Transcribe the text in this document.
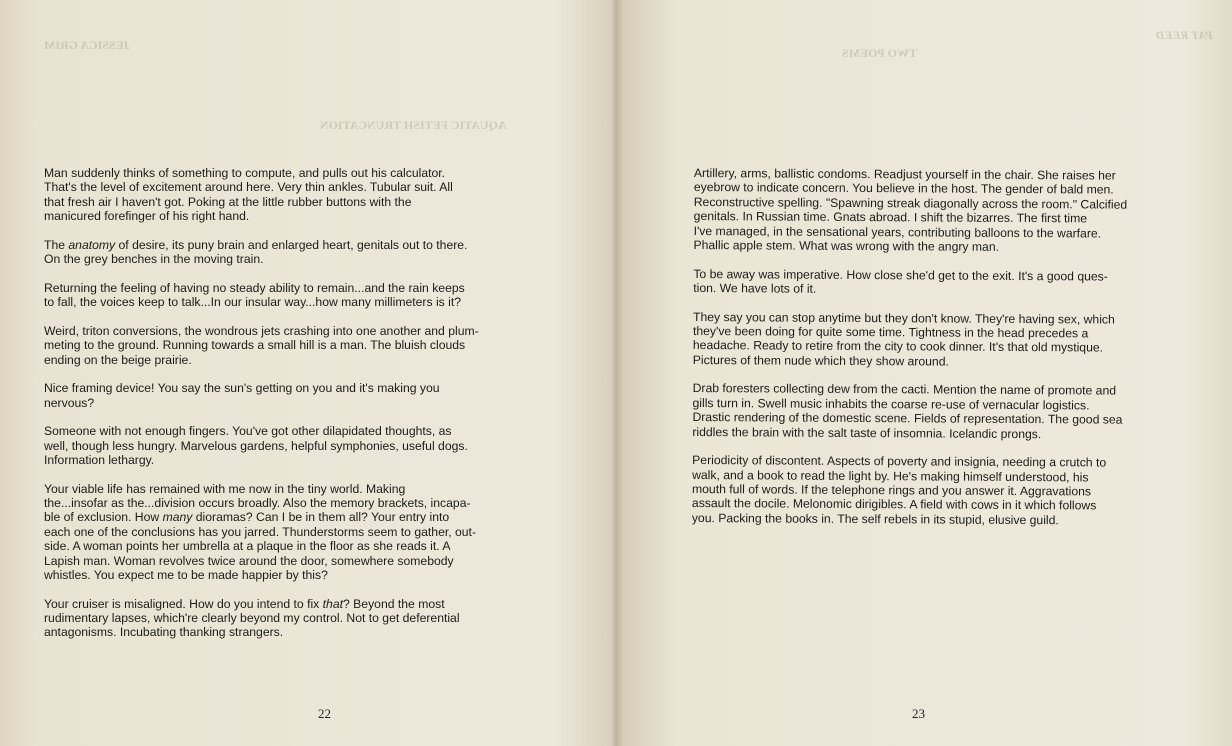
JESSICA GRIM
AQUATIC FETISH TRUNCATION

Man suddenly thinks of something to compute, and pulls out his calculator.
That's the level of excitement around here. Very thin ankles. Tubular suit. All
that fresh air I haven't got. Poking at the little rubber buttons with the
manicured forefinger of his right hand.

The anatomy of desire, its puny brain and enlarged heart, genitals out to there.
On the grey benches in the moving train.

Returning the feeling of having no steady ability to remain...and the rain keeps
to fall, the voices keep to talk...In our insular way...how many millimeters is it?

Weird, triton conversions, the wondrous jets crashing into one another and plum-
meting to the ground. Running towards a small hill is a man. The bluish clouds
ending on the beige prairie.

Nice framing device! You say the sun's getting on you and it's making you
nervous?

Someone with not enough fingers. You've got other dilapidated thoughts, as
well, though less hungry. Marvelous gardens, helpful symphonies, useful dogs.
Information lethargy.

Your viable life has remained with me now in the tiny world. Making
the...insofar as the...division occurs broadly. Also the memory brackets, incapa-
ble of exclusion. How many dioramas? Can I be in them all? Your entry into
each one of the conclusions has you jarred. Thunderstorms seem to gather, out-
side. A woman points her umbrella at a plaque in the floor as she reads it. A
Lapish man. Woman revolves twice around the door, somewhere somebody
whistles. You expect me to be made happier by this?

Your cruiser is misaligned. How do you intend to fix that? Beyond the most
rudimentary lapses, which're clearly beyond my control. Not to get deferential
antagonisms. Incubating thanking strangers.

22
PAT REED
TWO POEMS

Artillery, arms, ballistic condoms. Readjust yourself in the chair. She raises her
eyebrow to indicate concern. You believe in the host. The gender of bald men.
Reconstructive spelling. "Spawning streak diagonally across the room." Calcified
genitals. In Russian time. Gnats abroad. I shift the bizarres. The first time
I've managed, in the sensational years, contributing balloons to the warfare.
Phallic apple stem. What was wrong with the angry man.

To be away was imperative. How close she'd get to the exit. It's a good ques-
tion. We have lots of it.

They say you can stop anytime but they don't know. They're having sex, which
they've been doing for quite some time. Tightness in the head precedes a
headache. Ready to retire from the city to cook dinner. It's that old mystique.
Pictures of them nude which they show around.

Drab foresters collecting dew from the cacti. Mention the name of promote and
gills turn in. Swell music inhabits the coarse re-use of vernacular logistics.
Drastic rendering of the domestic scene. Fields of representation. The good sea
riddles the brain with the salt taste of insomnia. Icelandic prongs.

Periodicity of discontent. Aspects of poverty and insignia, needing a crutch to
walk, and a book to read the light by. He's making himself understood, his
mouth full of words. If the telephone rings and you answer it. Aggravations
assault the docile. Melonomic dirigibles. A field with cows in it which follows
you. Packing the books in. The self rebels in its stupid, elusive guild.

23
